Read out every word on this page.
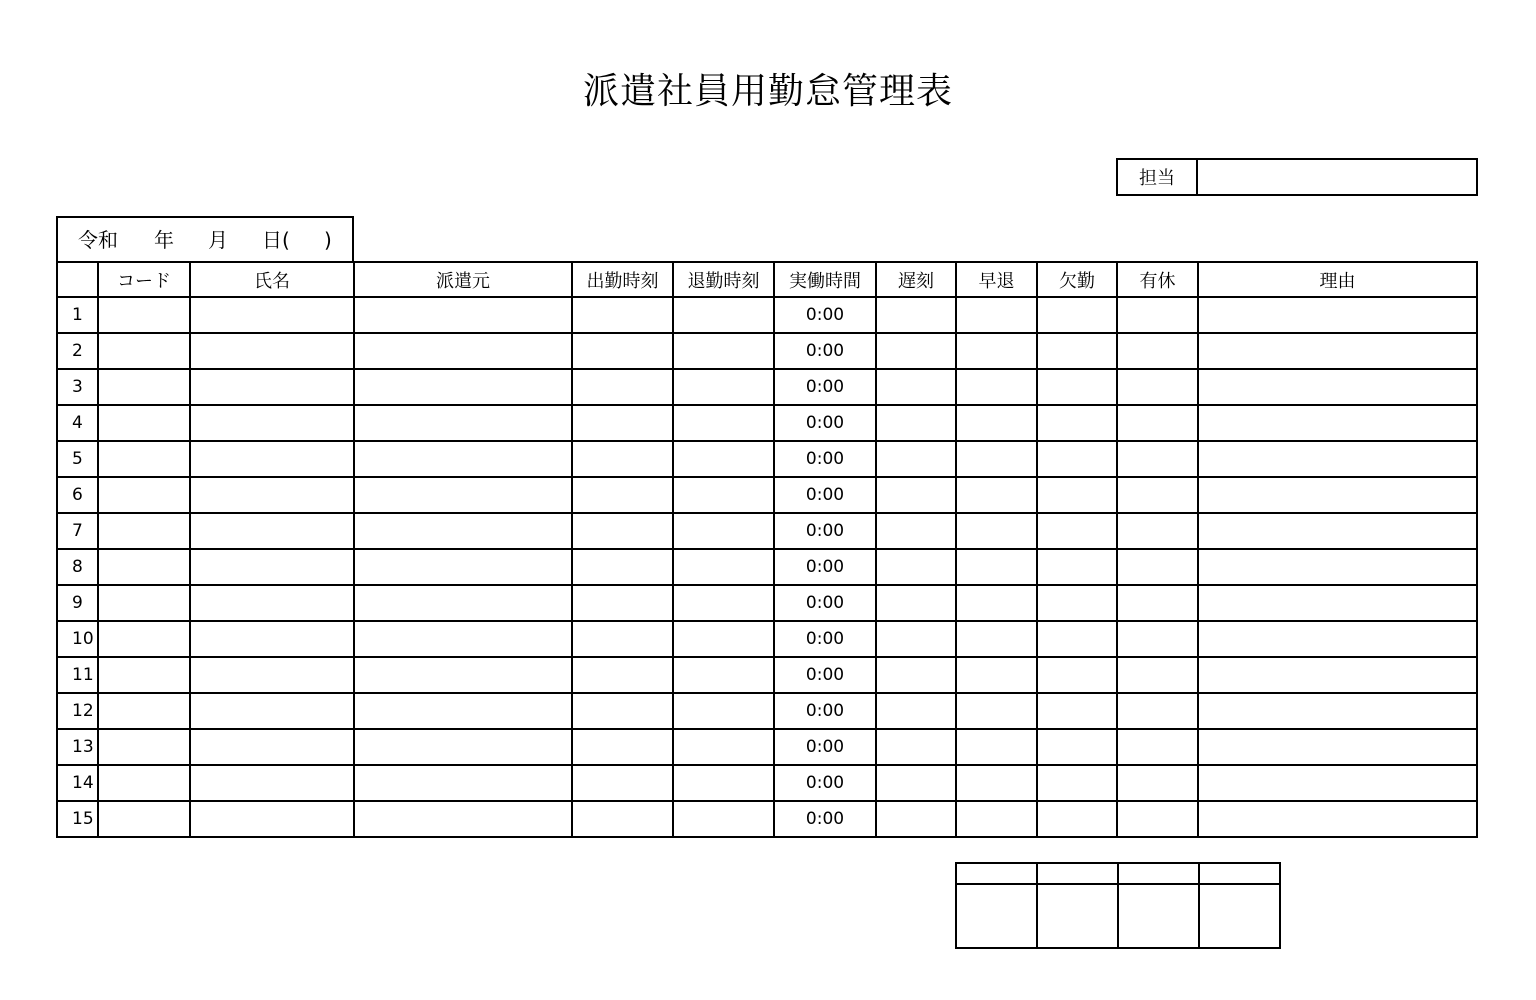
派遣社員用勤怠管理表
担当	
令和 年 月 日( )
	コード	氏名	派遣元	出勤時刻	退勤時刻	実働時間	遅刻	早退	欠勤	有休	理由
1						0:00					
2						0:00					
3						0:00					
4						0:00					
5						0:00					
6						0:00					
7						0:00					
8						0:00					
9						0:00					
10						0:00					
11						0:00					
12						0:00					
13						0:00					
14						0:00					
15						0:00					
